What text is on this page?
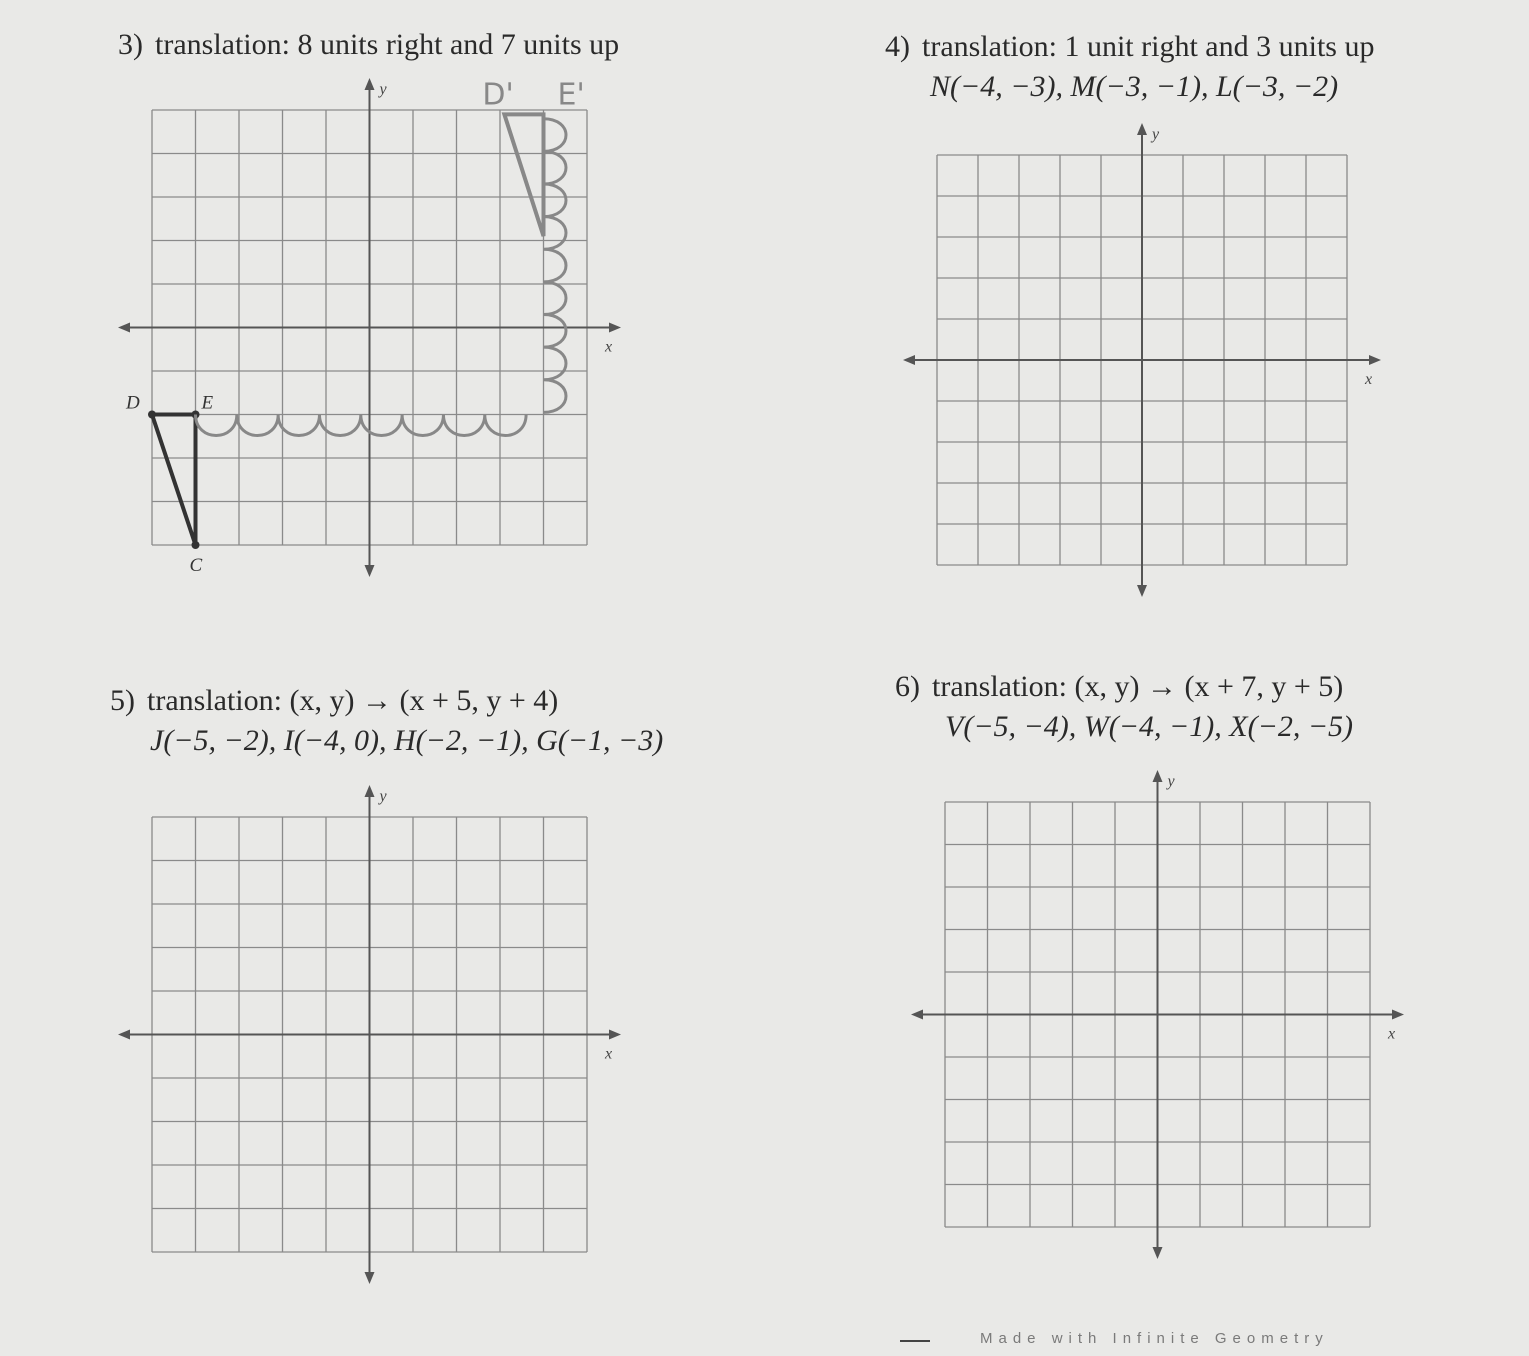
3) translation: 8 units right and 7 units up
y
x
D	E
C
D' E'
4) translation: 1 unit right and 3 units up
N(−4, −3), M(−3, −1), L(−3, −2)
y
x
5) translation: (x, y) → (x + 5, y + 4)
J(−5, −2), I(−4, 0), H(−2, −1), G(−1, −3)
y
x
6) translation: (x, y) → (x + 7, y + 5)
V(−5, −4), W(−4, −1), X(−2, −5)
y
x
Made with Infinite Geometry
